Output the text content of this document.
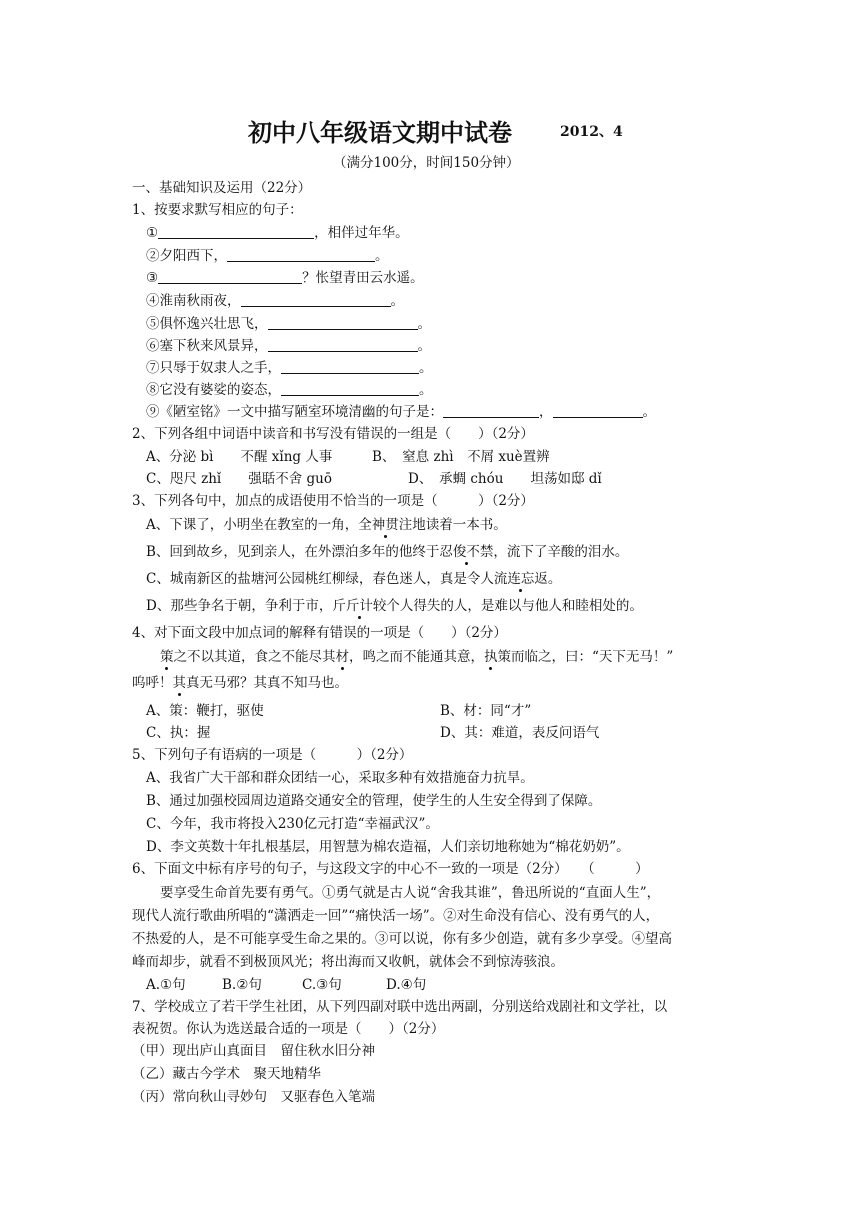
初中八年级语文期中试卷	2012、4
（满分100分，时间150分钟）
一、基础知识及运用（22分）
1、按要求默写相应的句子：
①	，相伴过年华。
②夕阳西下，	。
③	？怅望青田云水遥。
④淮南秋雨夜，	。
⑤俱怀逸兴壮思飞，	。
⑥塞下秋来风景异，	。
⑦只辱于奴隶人之手，	。
⑧它没有婆娑的姿态，	。
⑨《陋室铭》一文中描写陋室环境清幽的句子是：	，	。
2、下列各组中词语中读音和书写没有错误的一组是（　　）（2分）
A、分泌 bì　　不醒 xǐng 人事	B、　窒息 zhì　不屑 xuè置辨
C、咫尺 zhǐ　　强聒不舍 guō	D、　承蜩 chóu　　坦荡如邸 dǐ
3、下列各句中，加点的成语使用不恰当的一项是（　　　）（2分）
A、下课了，小明坐在教室的一角，全神贯注地读着一本书。
B、回到故乡，见到亲人，在外漂泊多年的他终于忍俊不禁，流下了辛酸的泪水。
C、城南新区的盐塘河公园桃红柳绿，春色迷人，真是令人流连忘返。
D、那些争名于朝，争利于市，斤斤计较个人得失的人，是难以与他人和睦相处的。
4、对下面文段中加点词的解释有错误的一项是（　　）（2分）
策之不以其道，食之不能尽其材，鸣之而不能通其意，执策而临之，曰：“天下无马！”
呜呼！其真无马邪？其真不知马也。
A、策：鞭打，驱使	B、材：同“才”
C、执：握	D、其：难道，表反问语气
5、下列句子有语病的一项是（　　　）（2分）
A、我省广大干部和群众团结一心，采取多种有效措施奋力抗旱。
B、通过加强校园周边道路交通安全的管理，使学生的人生安全得到了保障。
C、今年，我市将投入230亿元打造“幸福武汉”。
D、李文英数十年扎根基层，用智慧为棉农造福，人们亲切地称她为“棉花奶奶”。
6、下面文中标有序号的句子，与这段文字的中心不一致的一项是（2分）　　（　　　）
要享受生命首先要有勇气。①勇气就是古人说“舍我其谁”，鲁迅所说的“直面人生”，
现代人流行歌曲所唱的“潇洒走一回”“痛快活一场”。②对生命没有信心、没有勇气的人，
不热爱的人，是不可能享受生命之果的。③可以说，你有多少创造，就有多少享受。④望高
峰而却步，就看不到极顶风光；将出海而又收帆，就体会不到惊涛骇浪。
A.①句	B.②句	C.③句	D.④句
7、学校成立了若干学生社团，从下列四副对联中选出两副，分别送给戏剧社和文学社，以
表祝贺。你认为选送最合适的一项是（　　）（2分）
（甲）现出庐山真面目　留住秋水旧分神
（乙）藏古今学术　聚天地精华
（丙）常向秋山寻妙句　又驱春色入笔端
